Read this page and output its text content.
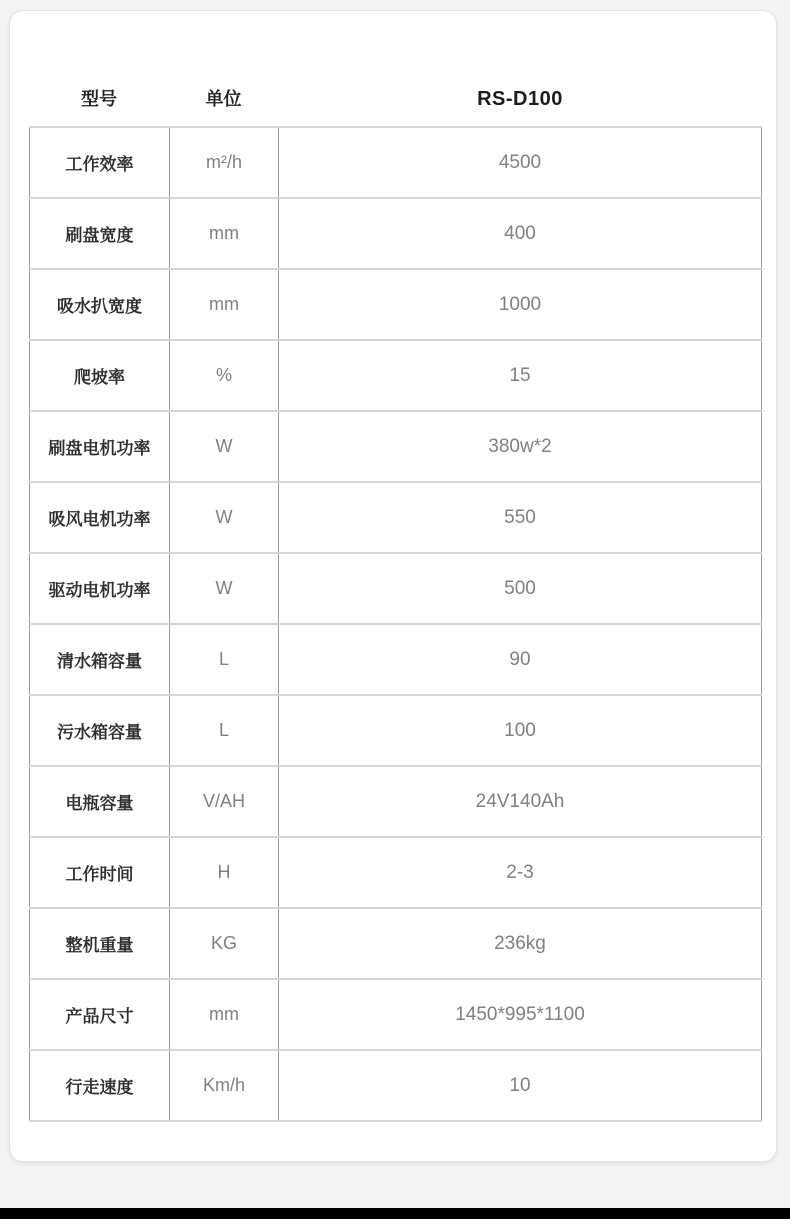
型号	单位	RS-D100
工作效率	m²/h	4500
刷盘宽度	mm	400
吸水扒宽度	mm	1000
爬坡率	%	15
刷盘电机功率	W	380w*2
吸风电机功率	W	550
驱动电机功率	W	500
清水箱容量	L	90
污水箱容量	L	100
电瓶容量	V/AH	24V140Ah
工作时间	H	2-3
整机重量	KG	236kg
产品尺寸	mm	1450*995*1100
行走速度	Km/h	10
